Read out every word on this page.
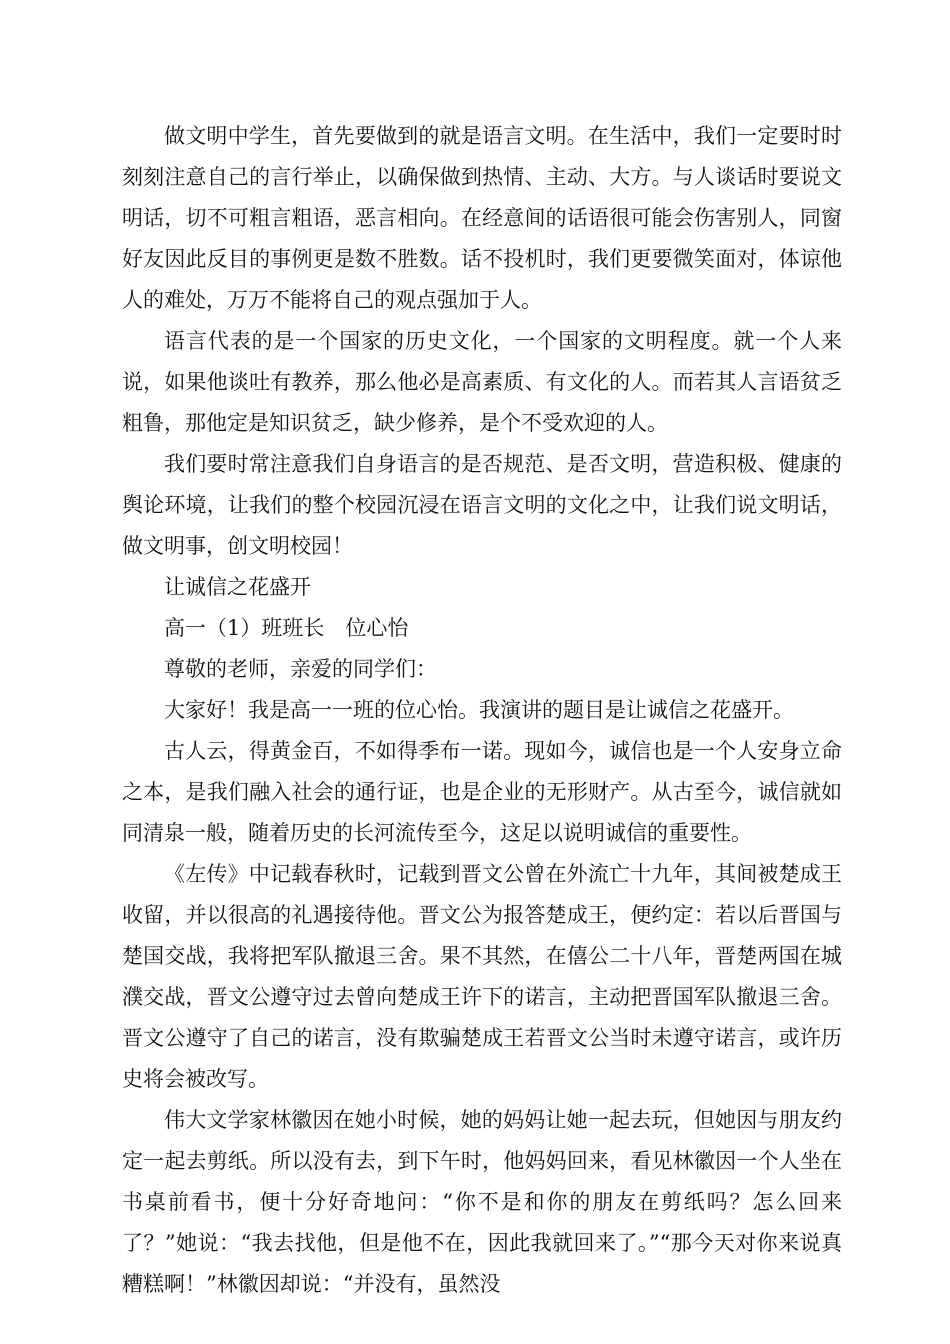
做文明中学生，首先要做到的就是语言文明。在生活中，我们一定要时时刻刻注意自己的言行举止，以确保做到热情、主动、大方。与人谈话时要说文明话，切不可粗言粗语，恶言相向。在经意间的话语很可能会伤害别人，同窗好友因此反目的事例更是数不胜数。话不投机时，我们更要微笑面对，体谅他人的难处，万万不能将自己的观点强加于人。

语言代表的是一个国家的历史文化，一个国家的文明程度。就一个人来说，如果他谈吐有教养，那么他必是高素质、有文化的人。而若其人言语贫乏粗鲁，那他定是知识贫乏，缺少修养，是个不受欢迎的人。

我们要时常注意我们自身语言的是否规范、是否文明，营造积极、健康的舆论环境，让我们的整个校园沉浸在语言文明的文化之中，让我们说文明话，做文明事，创文明校园！

让诚信之花盛开

高一（1）班班长　位心怡

尊敬的老师，亲爱的同学们：

大家好！我是高一一班的位心怡。我演讲的题目是让诚信之花盛开。

古人云，得黄金百，不如得季布一诺。现如今，诚信也是一个人安身立命之本，是我们融入社会的通行证，也是企业的无形财产。从古至今，诚信就如同清泉一般，随着历史的长河流传至今，这足以说明诚信的重要性。

《左传》中记载春秋时，记载到晋文公曾在外流亡十九年，其间被楚成王收留，并以很高的礼遇接待他。晋文公为报答楚成王，便约定：若以后晋国与楚国交战，我将把军队撤退三舍。果不其然，在僖公二十八年，晋楚两国在城濮交战，晋文公遵守过去曾向楚成王许下的诺言，主动把晋国军队撤退三舍。晋文公遵守了自己的诺言，没有欺骗楚成王若晋文公当时未遵守诺言，或许历史将会被改写。

伟大文学家林徽因在她小时候，她的妈妈让她一起去玩，但她因与朋友约定一起去剪纸。所以没有去，到下午时，他妈妈回来，看见林徽因一个人坐在书桌前看书，便十分好奇地问：“你不是和你的朋友在剪纸吗？怎么回来了？”她说：“我去找他，但是他不在，因此我就回来了。”“那今天对你来说真糟糕啊！”林徽因却说：“并没有，虽然没
